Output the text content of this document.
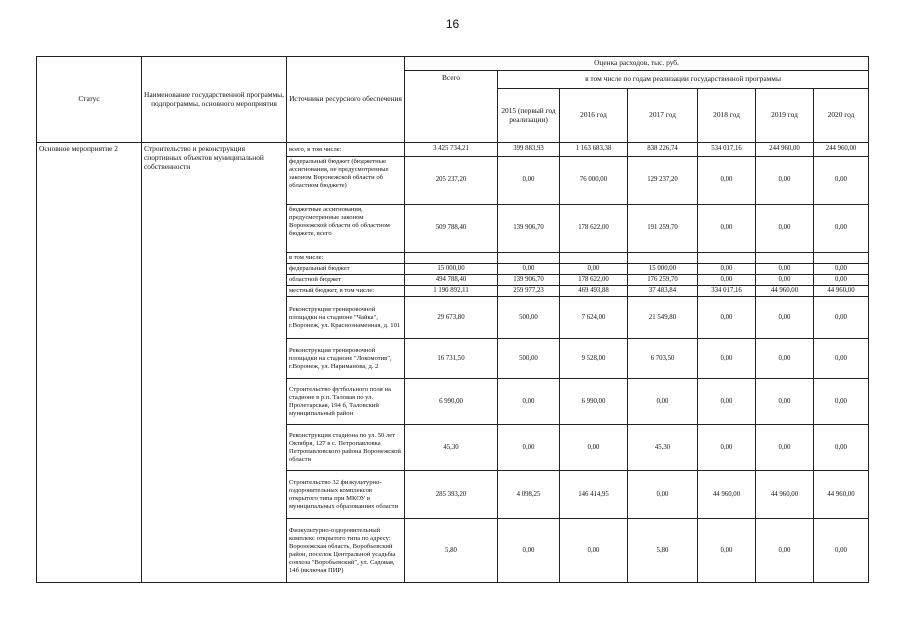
16
Статус	Наименование государственной программы, подпрограммы, основного мероприятия	Источники ресурсного обеспечения	Оценка расходов, тыс. руб.						
			Всего	в том числе по годам реализации государственной программы					
				2015 (первый год реализации)	2016 год	2017 год	2018 год	2019 год	2020 год
Основное мероприятие 2	Строительство и реконструкция спортивных объектов муниципальной собственности	всего, в том числе:	3 425 734,21	399 883,93	1 163 683,38	838 226,74	534 017,16	244 960,00	244 960,00
		федеральный бюджет (бюджетные ассигнования, не предусмотренные законом Воронежской области об областном бюджете)	205 237,20	0,00	76 000,00	129 237,20	0,00	0,00	0,00
		бюджетные ассигнования, предусмотренные законом Воронежской области об областном бюджете, всего	509 788,40	139 906,70	178 622,00	191 259,70	0,00	0,00	0,00
		в том числе:							
		федеральный бюджет	15 000,00	0,00	0,00	15 000,00	0,00	0,00	0,00
		областной бюджет	494 788,40	139 906,70	178 622,00	176 259,70	0,00	0,00	0,00
		местный бюджет, в том числе:	1 190 892,11	259 977,23	469 493,88	37 483,84	334 017,16	44 960,00	44 960,00
		Реконструкция тренировочной площадки на стадионе "Чайка", г.Воронеж, ул. Краснознаменная, д. 101	29 673,80	500,00	7 624,00	21 549,80	0,00	0,00	0,00
		Реконструкция тренировочной площадки на стадионе "Локомотив", г.Воронеж, ул. Нариманова, д. 2	16 731,50	500,00	9 528,00	6 703,50	0,00	0,00	0,00
		Строительство футбольного поля на стадионе в р.п. Таловая по ул. Пролетарская, 194 б, Таловский муниципальный район	6 990,00	0,00	6 990,00	0,00	0,00	0,00	0,00
		Реконструкция стадиона по ул. 50 лет Октября, 127 в с. Петропавловка Петропавловского района Воронежской области	45,30	0,00	0,00	45,30	0,00	0,00	0,00
		Строительство 32 физкультурно-оздоровительных комплексов открытого типа при МКОУ в муниципальных образованиях области	285 393,20	4 098,25	146 414,95	0,00	44 960,00	44 960,00	44 960,00
		Физкультурно-оздоровительный комплекс открытого типа по адресу: Воронежская область, Воробьевский район, поселок Центральной усадьбы совхоза "Воробьевский", ул. Садовая, 14б (включая ПИР)	5,80	0,00	0,00	5,80	0,00	0,00	0,00
